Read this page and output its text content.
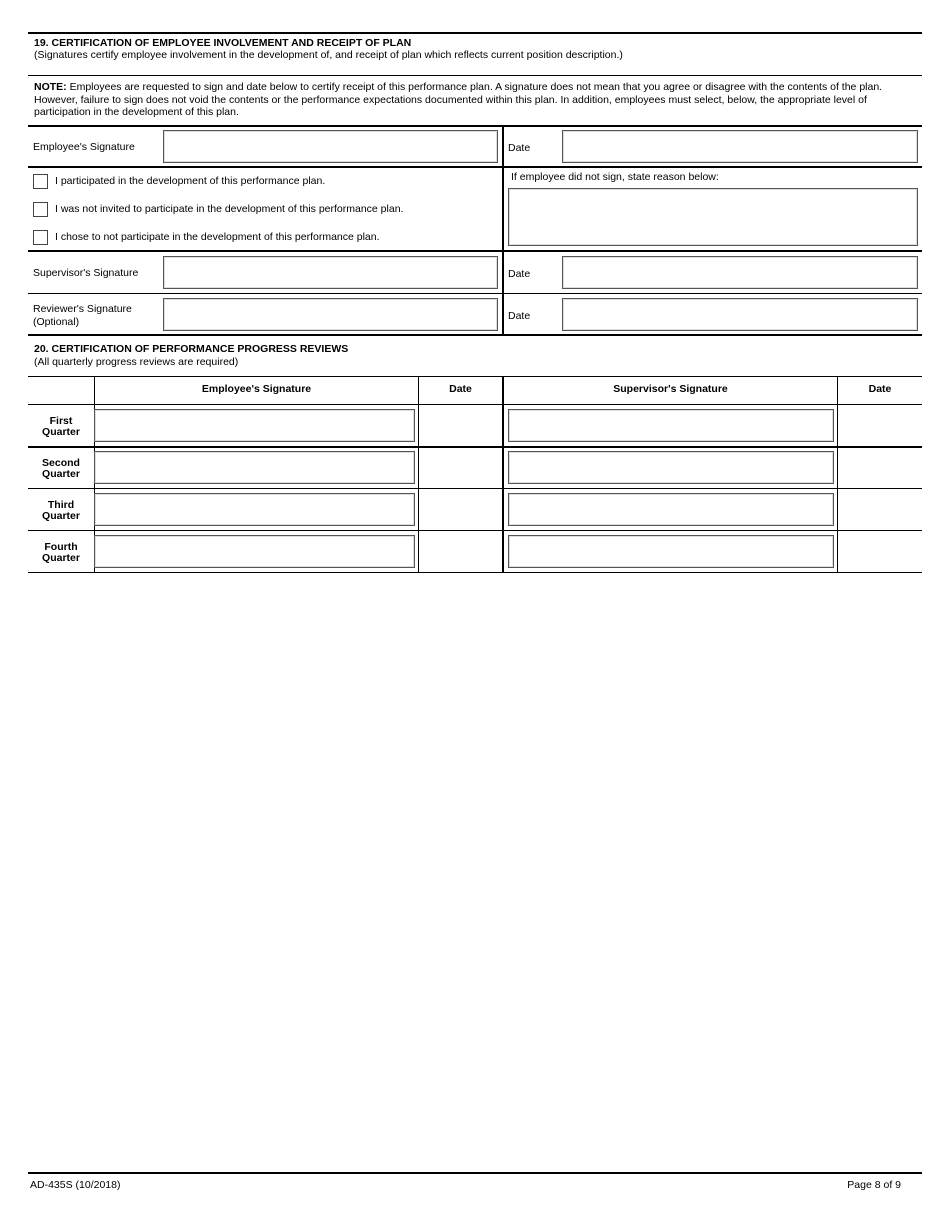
19. CERTIFICATION OF EMPLOYEE INVOLVEMENT AND RECEIPT OF PLAN
(Signatures certify employee involvement in the development of, and receipt of plan which reflects current position description.)
NOTE: Employees are requested to sign and date below to certify receipt of this performance plan. A signature does not mean that you agree or disagree with the contents of the plan. However, failure to sign does not void the contents or the performance expectations documented within this plan. In addition, employees must select, below, the appropriate level of participation in the development of this plan.
Employee's Signature	Date
I participated in the development of this performance plan.
I was not invited to participate in the development of this performance plan.
I chose to not participate in the development of this performance plan.
If employee did not sign, state reason below:
Supervisor's Signature	Date
Reviewer's Signature
(Optional)	Date
20. CERTIFICATION OF PERFORMANCE PROGRESS REVIEWS
(All quarterly progress reviews are required)
Employee's Signature	Date	Supervisor's Signature	Date
First
Quarter
Second
Quarter
Third
Quarter
Fourth
Quarter
AD-435S (10/2018)	Page 8 of 9
